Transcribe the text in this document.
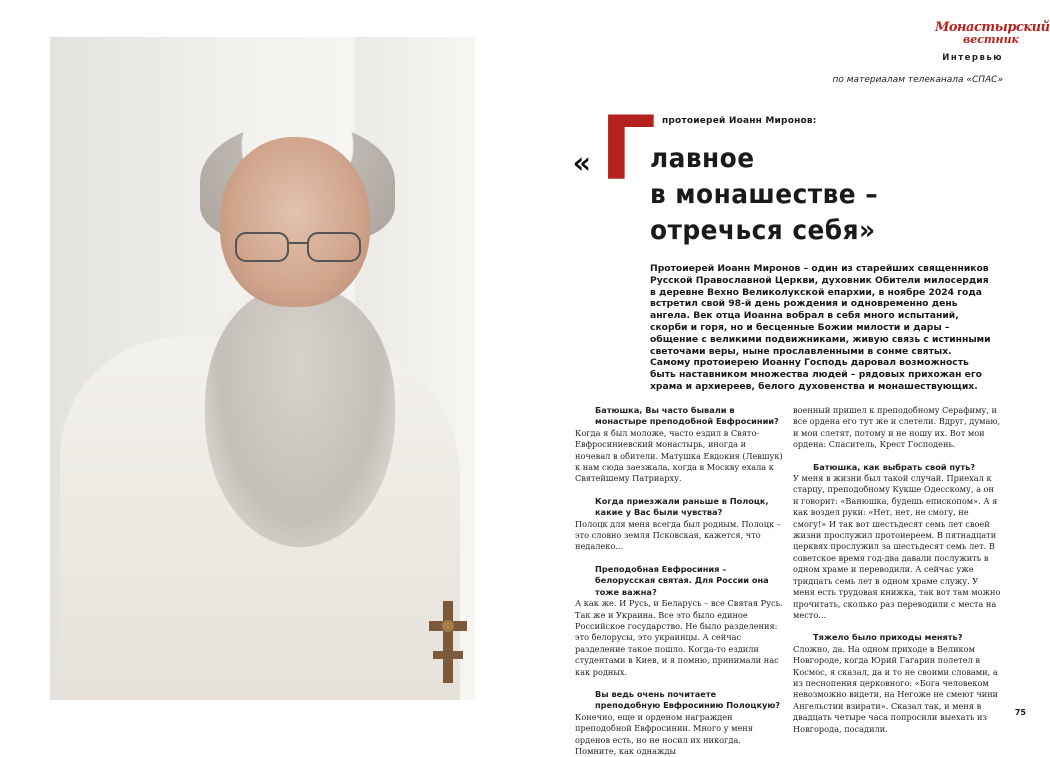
Монастырский
вестник
Интервью
по материалам телеканала «СПАС»
протоиерей Иоанн Миронов:
« Г
лавное
в монашестве –
отречься себя»
Протоиерей Иоанн Миронов – один из старейших священников Русской Православной Церкви, духовник Обители милосердия в деревне Вехно Великолукской епархии, в ноябре 2024 года встретил свой 98-й день рождения и одновременно день ангела. Век отца Иоанна вобрал в себя много испытаний, скорби и горя, но и бесценные Божии милости и дары – общение с великими подвижниками, живую связь с истинными светочами веры, ныне прославленными в сонме святых. Самому протоиерею Иоанну Господь даровал возможность быть наставником множества людей – рядовых прихожан его храма и архиереев, белого духовенства и монашествующих.
Батюшка, Вы часто бывали в монастыре преподобной Евфросинии?
Когда я был моложе, часто ездил в Свято-Евфросиниевский монастырь, иногда и ночевал в обители. Матушка Евдокия (Левшук) к нам сюда заезжала, когда в Москву ехала к Святейшему Патриарху.
Когда приезжали раньше в Полоцк, какие у Вас были чувства?
Полоцк для меня всегда был родным. Полоцк – это словно земля Псковская, кажется, что недалеко...
Преподобная Евфросиния – белорусская святая. Для России она тоже важна?
А как же. И Русь, и Беларусь – все Святая Русь. Так же и Украина. Все это было единое Российское государство. Не было разделения: это белорусы, это украинцы. А сейчас разделение такое пошло. Когда-то ездили студентами в Киев, и я помню, принимали нас как родных.
Вы ведь очень почитаете преподобную Евфросинию Полоцкую?
Конечно, еще и орденом награжден преподобной Евфросинии. Много у меня орденов есть, но не носил их никогда. Помните, как однажды
военный пришел к преподобному Серафиму, и все ордена его тут же и слетели. Вдруг, думаю, и мои слетят, потому и не ношу их. Вот мои ордена: Спаситель, Крест Господень.
Батюшка, как выбрать свой путь?
У меня в жизни был такой случай. Приехал к старцу, преподобному Кукше Одесскому, а он и говорит: «Ванюшка, будешь епископом». А я как воздел руки: «Нет, нет, не смогу, не смогу!» И так вот шестьдесят семь лет своей жизни прослужил протоиереем. В пятнадцати церквях прослужил за шестьдесят семь лет. В советское время год-два давали послужить в одном храме и переводили. А сейчас уже тридцать семь лет в одном храме служу. У меня есть трудовая книжка, так вот там можно прочитать, сколько раз переводили с места на место...
Тяжело было приходы менять?
Сложно, да. На одном приходе в Великом Новгороде, когда Юрий Гагарин полетел в Космос, я сказал, да и то не своими словами, а из песнопения церковного: «Бога человеком невозможно видети, на Негоже не смеют чини Ангельстии взирати». Сказал так, и меня в двадцать четыре часа попросили выехать из Новгорода, посадили.
75
